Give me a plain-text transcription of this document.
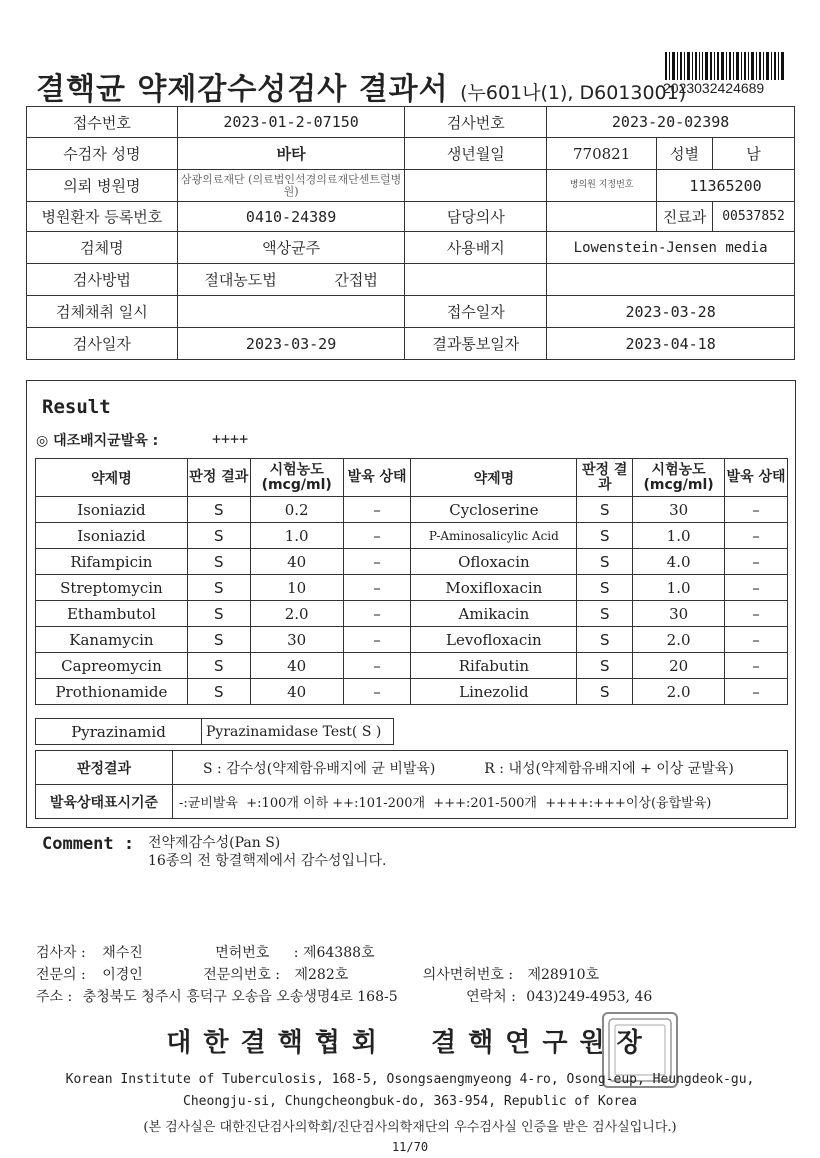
결핵균 약제감수성검사 결과서 (누601나(1), D6013001)
2023032424689
접수번호	2023-01-2-07150	검사번호	2023-20-02398		
수검자 성명	바타	생년월일	770821	성별	남
의뢰 병원명	삼광의료재단 (의료법인석경의료재단센트럴병원)		병의원 지정번호	11365200	
병원환자 등록번호	0410-24389	담당의사		진료과	00537852
검체명	액상균주	사용배지	Lowenstein-Jensen media		
검사방법	절대농도법 간접법				
검체채취 일시		접수일자	2023-03-28		
검사일자	2023-03-29	결과통보일자	2023-04-18		
Result
◎ 대조배지균발육 :	++++
약제명	판정 결과	시험농도 (mcg/ml)	발육 상태	약제명	판정 결과	시험농도 (mcg/ml)	발육 상태
Isoniazid	S	0.2	–	Cycloserine	S	30	–
Isoniazid	S	1.0	–	P-Aminosalicylic Acid	S	1.0	–
Rifampicin	S	40	–	Ofloxacin	S	4.0	–
Streptomycin	S	10	–	Moxifloxacin	S	1.0	–
Ethambutol	S	2.0	–	Amikacin	S	30	–
Kanamycin	S	30	–	Levofloxacin	S	2.0	–
Capreomycin	S	40	–	Rifabutin	S	20	–
Prothionamide	S	40	–	Linezolid	S	2.0	–
Pyrazinamid	Pyrazinamidase Test( S )
판정결과	S : 감수성(약제함유배지에 균 비발육) R : 내성(약제함유배지에 + 이상 균발육)
발육상태표시기준	-:균비발육  +:100개 이하 ++:101-200개  +++:201-500개  ++++:+++이상(융합발육)
Comment : 전약제감수성(Pan S)
16종의 전 항결핵제에서 감수성입니다.
검사자 : 채수진	면허번호 : 제64388호
전문의 : 이경인	전문의번호 : 제282호	의사면허번호 : 제28910호
주소 : 충청북도 청주시 흥덕구 오송읍 오송생명4로 168-5	연락처 : 043)249-4953, 46
대한결핵협회  결핵연구원장
Korean Institute of Tuberculosis, 168-5, Osongsaengmyeong 4-ro, Osong-eup, Heungdeok-gu,
Cheongju-si, Chungcheongbuk-do, 363-954, Republic of Korea
(본 검사실은 대한진단검사의학회/진단검사의학재단의 우수검사실 인증을 받은 검사실입니다.)
11/70
